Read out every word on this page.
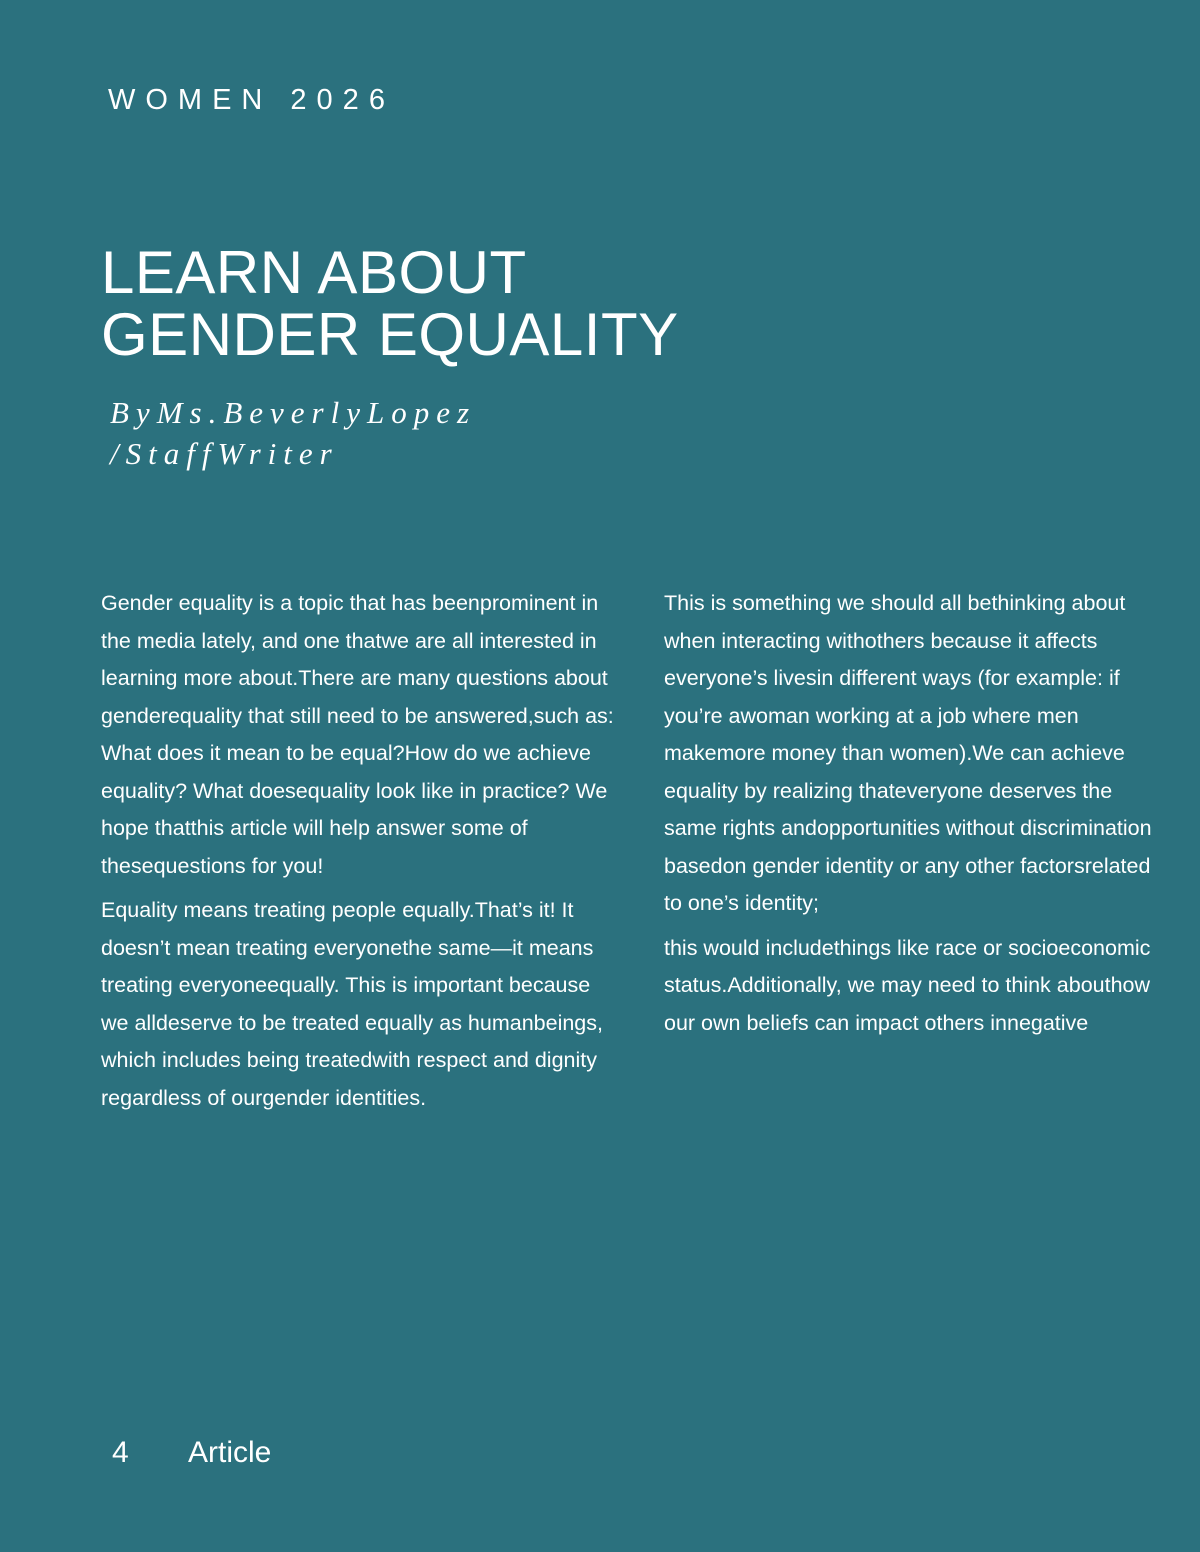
WOMEN 2026
LEARN ABOUT
GENDER EQUALITY
ByMs.BeverlyLopez
/StaffWriter

Gender equality is a topic that has beenprominent in the media lately, and one thatwe are all interested in learning more about.There are many questions about genderequality that still need to be answered,such as: What does it mean to be equal?How do we achieve equality? What doesequality look like in practice? We hope thatthis article will help answer some of thesequestions for you!

Equality means treating people equally.That’s it! It doesn’t mean treating everyonethe same—it means treating everyoneequally. This is important because we alldeserve to be treated equally as humanbeings, which includes being treatedwith respect and dignity regardless of ourgender identities.

This is something we should all bethinking about when interacting withothers because it affects everyone’s livesin different ways (for example: if you’re awoman working at a job where men makemore money than women).We can achieve equality by realizing thateveryone deserves the same rights andopportunities without discrimination basedon gender identity or any other factorsrelated to one’s identity;

this would includethings like race or socioeconomic status.Additionally, we may need to think abouthow our own beliefs can impact others innegative

4 Article
